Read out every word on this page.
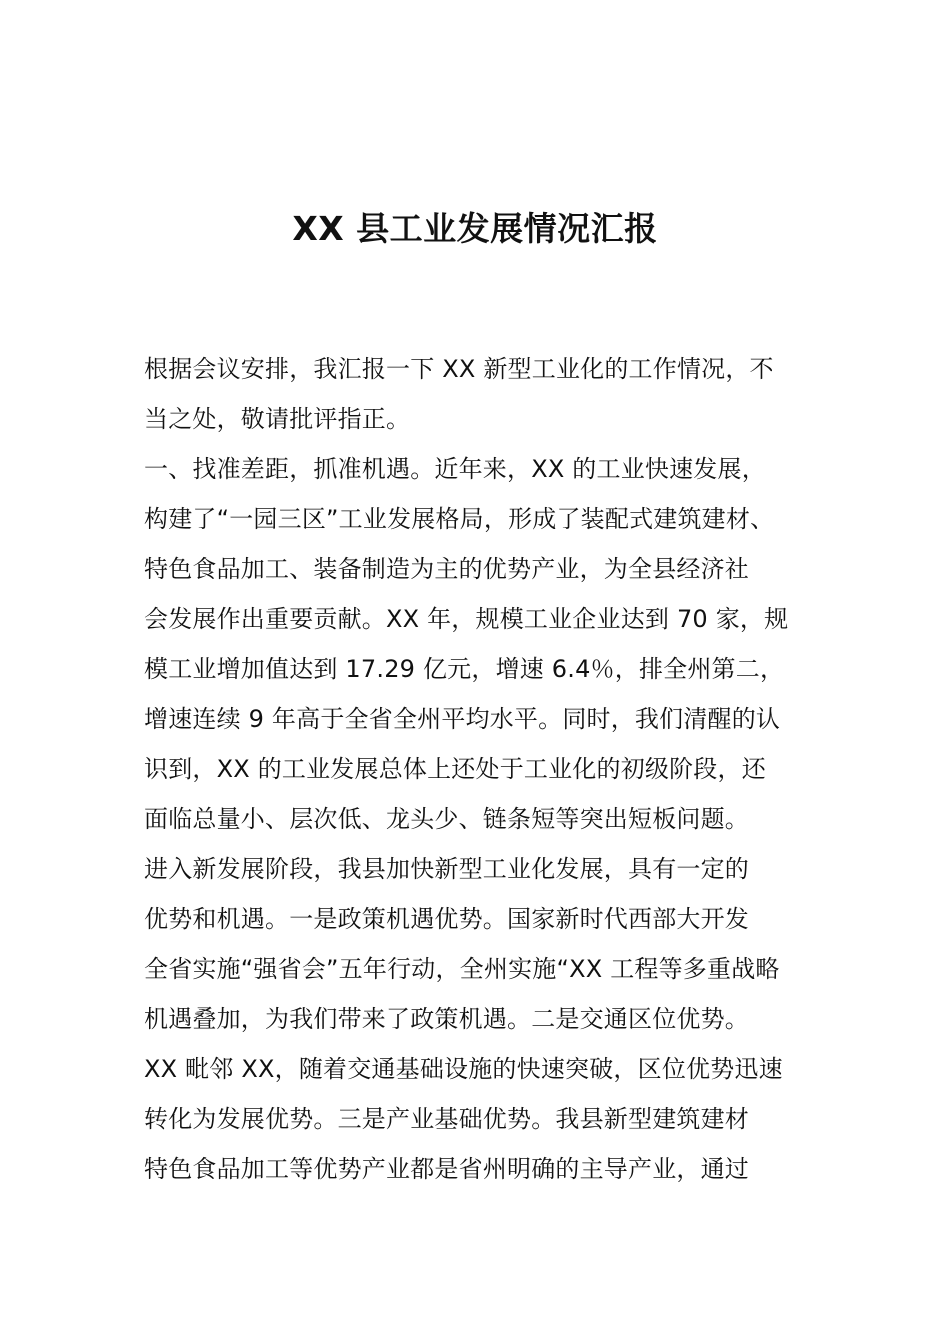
XX 县工业发展情况汇报
根据会议安排，我汇报一下 XX 新型工业化的工作情况，不
当之处，敬请批评指正。
一、找准差距，抓准机遇。近年来，XX 的工业快速发展，
构建了“一园三区”工业发展格局，形成了装配式建筑建材、
特色食品加工、装备制造为主的优势产业，为全县经济社
会发展作出重要贡献。XX 年，规模工业企业达到 70 家，规
模工业增加值达到 17.29 亿元，增速 6.4％，排全州第二，
增速连续 9 年高于全省全州平均水平。同时，我们清醒的认
识到，XX 的工业发展总体上还处于工业化的初级阶段，还
面临总量小、层次低、龙头少、链条短等突出短板问题。
进入新发展阶段，我县加快新型工业化发展，具有一定的
优势和机遇。一是政策机遇优势。国家新时代西部大开发
全省实施“强省会”五年行动，全州实施“XX 工程等多重战略
机遇叠加，为我们带来了政策机遇。二是交通区位优势。
XX 毗邻 XX，随着交通基础设施的快速突破，区位优势迅速
转化为发展优势。三是产业基础优势。我县新型建筑建材
特色食品加工等优势产业都是省州明确的主导产业，通过
